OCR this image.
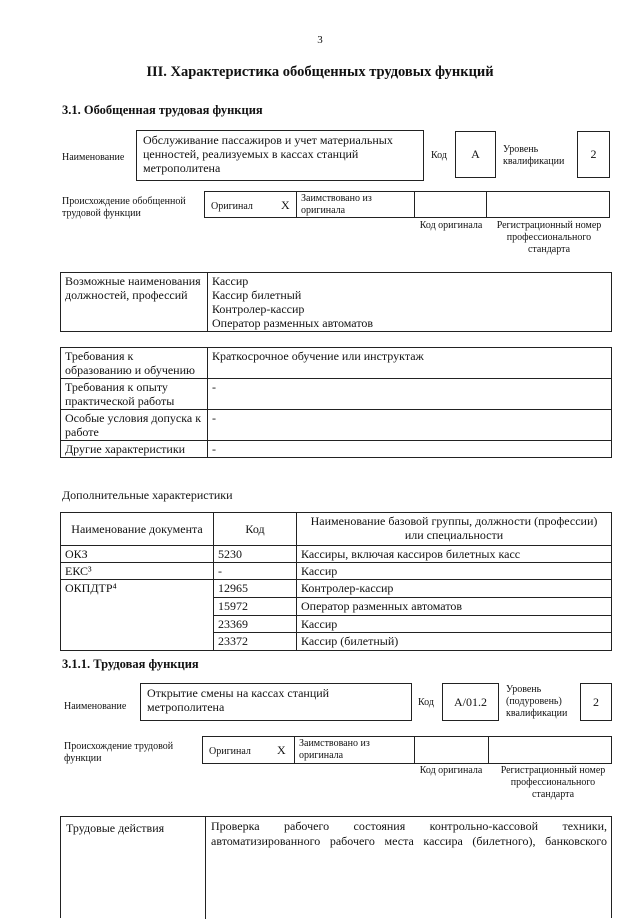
3
III. Характеристика обобщенных трудовых функций
3.1. Обобщенная трудовая функция
Наименование
Обслуживание пассажиров и учет материальных ценностей, реализуемых в кассах станций метрополитена
Код	А	Уровень квалификации
2
Происхождение обобщенной трудовой функции
Оригинал X Заимствовано из оригинала
Код оригинала	Регистрационный номер профессионального стандарта
Возможные наименования должностей, профессий	
Кассир
Кассир билетный
Контролер-кассир
Оператор разменных автоматов
Требования к образованию и обучению	Краткосрочное обучение или инструктаж
Требования к опыту практической работы	-
Особые условия допуска к работе	-
Другие характеристики	-
Дополнительные характеристики
Наименование документа	Код	Наименование базовой группы, должности (профессии) или специальности
ОКЗ	5230	Кассиры, включая кассиров билетных касс
ЕКС³	-	Кассир
ОКПДТР⁴	12965	Контролер-кассир
	15972	Оператор разменных автоматов
	23369	Кассир
	23372	Кассир (билетный)
3.1.1. Трудовая функция
Наименование
Открытие смены на кассах станций метрополитена	Код	А/01.2
Уровень (подуровень) квалификации
2
Происхождение трудовой функции
Оригинал X Заимствовано из оригинала
Код оригинала	Регистрационный номер профессионального стандарта
Трудовые действия	Проверка рабочего состояния контрольно-кассовой техники,
автоматизированного рабочего места кассира (билетного), банковского
